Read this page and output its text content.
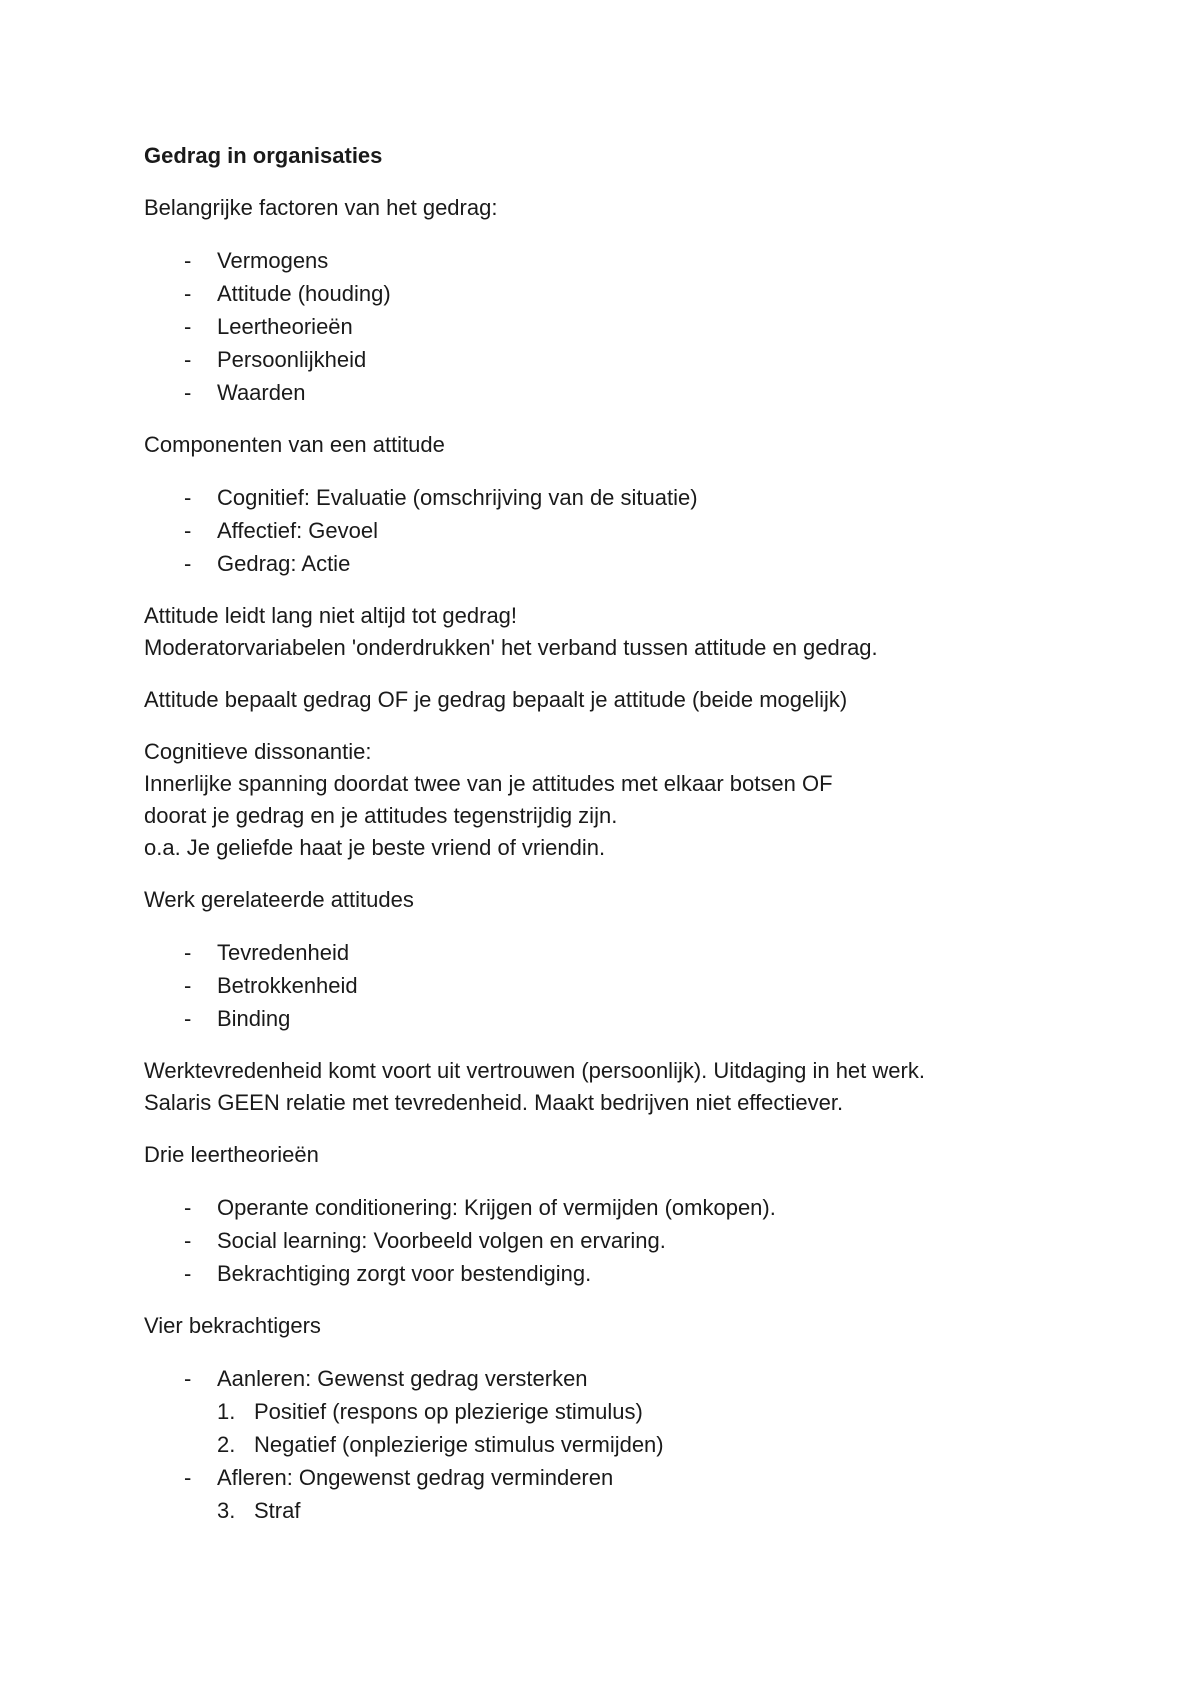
Gedrag in organisaties
Belangrijke factoren van het gedrag:
- Vermogens
- Attitude (houding)
- Leertheorieën
- Persoonlijkheid
- Waarden
Componenten van een attitude
- Cognitief: Evaluatie (omschrijving van de situatie)
- Affectief: Gevoel
- Gedrag: Actie
Attitude leidt lang niet altijd tot gedrag!
Moderatorvariabelen 'onderdrukken' het verband tussen attitude en gedrag.
Attitude bepaalt gedrag OF je gedrag bepaalt je attitude (beide mogelijk)
Cognitieve dissonantie:
Innerlijke spanning doordat twee van je attitudes met elkaar botsen OF
doorat je gedrag en je attitudes tegenstrijdig zijn.
o.a. Je geliefde haat je beste vriend of vriendin.
Werk gerelateerde attitudes
- Tevredenheid
- Betrokkenheid
- Binding
Werktevredenheid komt voort uit vertrouwen (persoonlijk). Uitdaging in het werk.
Salaris GEEN relatie met tevredenheid. Maakt bedrijven niet effectiever.
Drie leertheorieën
- Operante conditionering: Krijgen of vermijden (omkopen).
- Social learning: Voorbeeld volgen en ervaring.
- Bekrachtiging zorgt voor bestendiging.
Vier bekrachtigers
- Aanleren: Gewenst gedrag versterken
1. Positief (respons op plezierige stimulus)
2. Negatief (onplezierige stimulus vermijden)
- Afleren: Ongewenst gedrag verminderen
3. Straf
